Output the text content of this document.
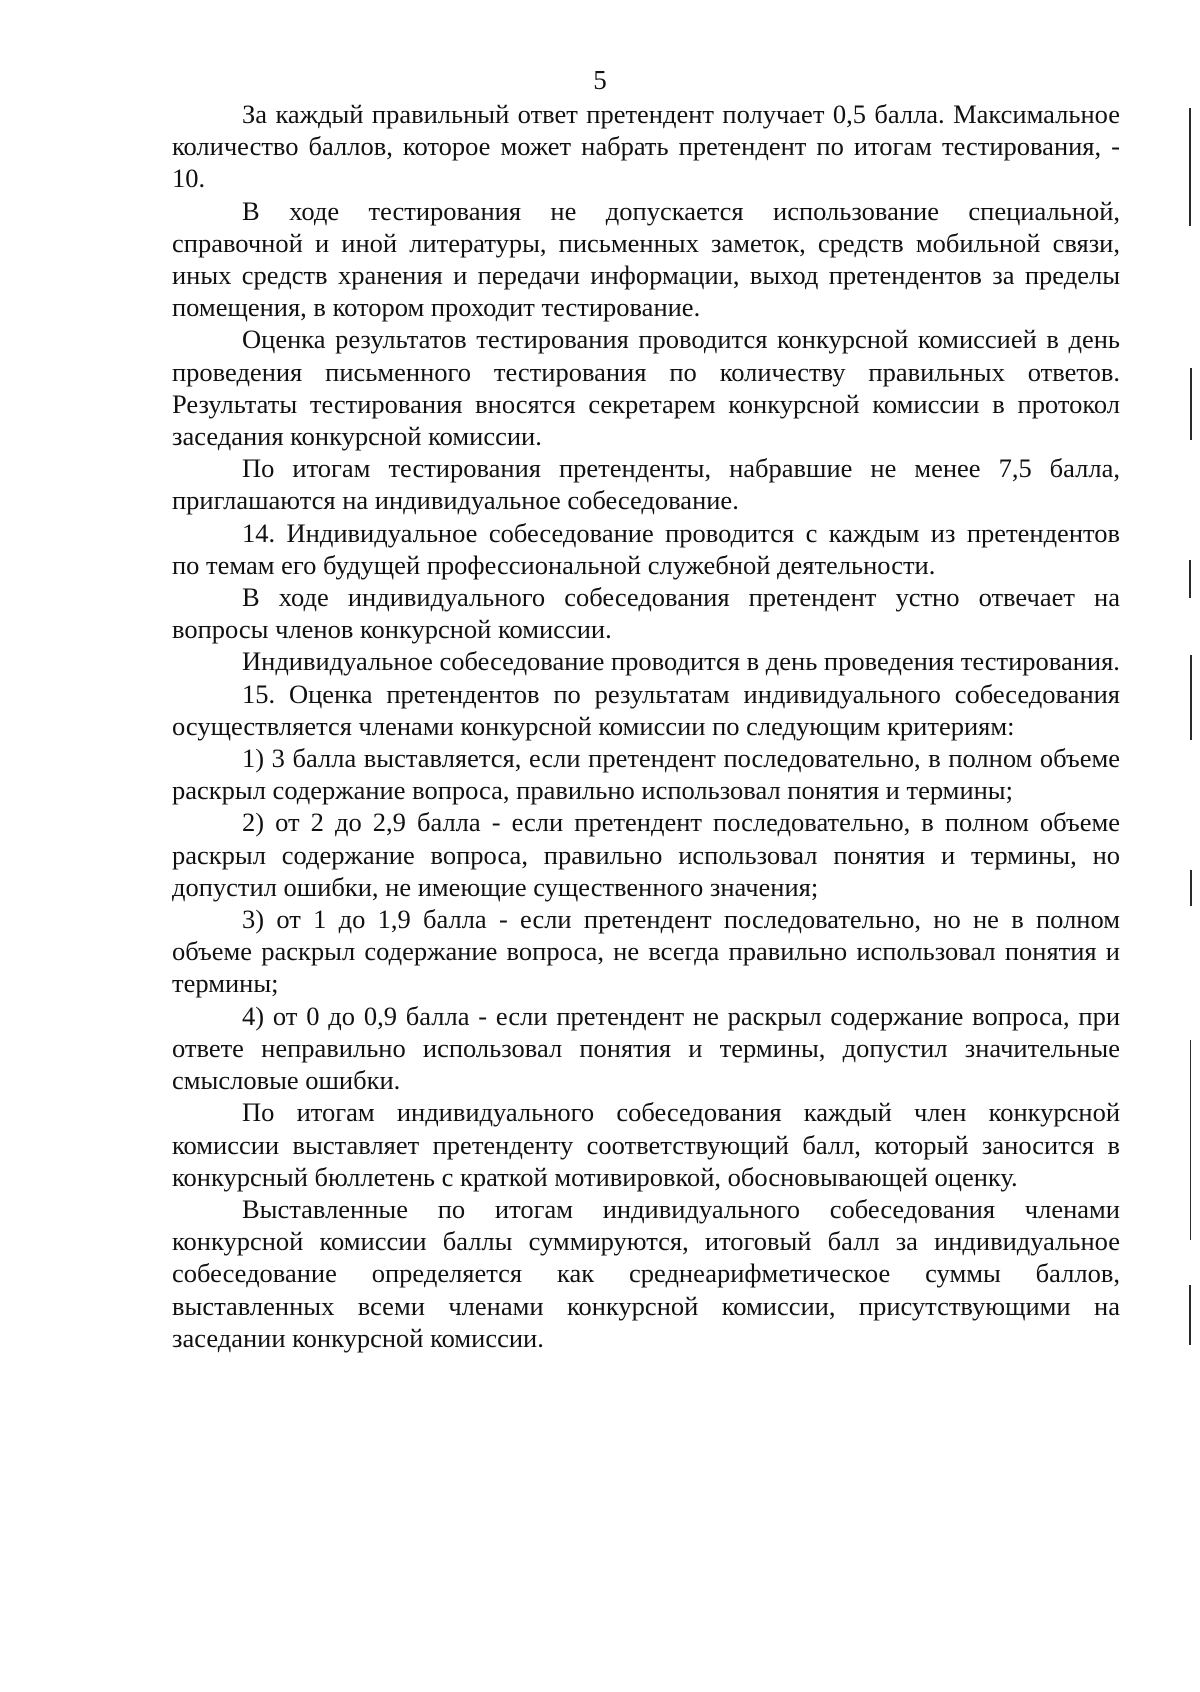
5

За каждый правильный ответ претендент получает 0,5 балла. Максимальное количество баллов, которое может набрать претендент по итогам тестирования, - 10.

В ходе тестирования не допускается использование специальной, справочной и иной литературы, письменных заметок, средств мобильной связи, иных средств хранения и передачи информации, выход претендентов за пределы помещения, в котором проходит тестирование.

Оценка результатов тестирования проводится конкурсной комиссией в день проведения письменного тестирования по количеству правильных ответов. Результаты тестирования вносятся секретарем конкурсной комиссии в протокол заседания конкурсной комиссии.

По итогам тестирования претенденты, набравшие не менее 7,5 балла, приглашаются на индивидуальное собеседование.

14. Индивидуальное собеседование проводится с каждым из претендентов по темам его будущей профессиональной служебной деятельности.

В ходе индивидуального собеседования претендент устно отвечает на вопросы членов конкурсной комиссии.

Индивидуальное собеседование проводится в день проведения тестирования.

15. Оценка претендентов по результатам индивидуального собеседования осуществляется членами конкурсной комиссии по следующим критериям:

1) 3 балла выставляется, если претендент последовательно, в полном объеме раскрыл содержание вопроса, правильно использовал понятия и термины;

2) от 2 до 2,9 балла - если претендент последовательно, в полном объеме раскрыл содержание вопроса, правильно использовал понятия и термины, но допустил ошибки, не имеющие существенного значения;

3) от 1 до 1,9 балла - если претендент последовательно, но не в полном объеме раскрыл содержание вопроса, не всегда правильно использовал понятия и термины;

4) от 0 до 0,9 балла - если претендент не раскрыл содержание вопроса, при ответе неправильно использовал понятия и термины, допустил значительные смысловые ошибки.

По итогам индивидуального собеседования каждый член конкурсной комиссии выставляет претенденту соответствующий балл, который заносится в конкурсный бюллетень с краткой мотивировкой, обосновывающей оценку.

Выставленные по итогам индивидуального собеседования членами конкурсной комиссии баллы суммируются, итоговый балл за индивидуальное собеседование определяется как среднеарифметическое суммы баллов, выставленных всеми членами конкурсной комиссии, присутствующими на заседании конкурсной комиссии.
